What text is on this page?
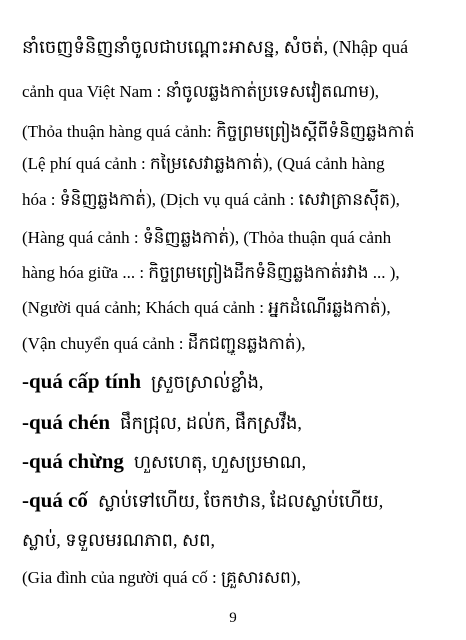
នាំចេញទំនិញនាំចូលជាបណ្តោះអាសន្ន, សំចត់, (Nhập quá
cảnh qua Việt Nam : នាំចូលឆ្លងកាត់ប្រទេសវៀតណាម),
(Thỏa thuận hàng quá cảnh: កិច្ចព្រមព្រៀងស្តីពីទំនិញឆ្លងកាត់
(Lệ phí quá cảnh : កម្រៃសេវាឆ្លងកាត់), (Quá cảnh hàng
hóa : ទំនិញឆ្លងកាត់), (Dịch vụ quá cảnh : សេវាត្រានស៊ីត),
(Hàng quá cảnh : ទំនិញឆ្លងកាត់), (Thỏa thuận quá cảnh
hàng hóa giữa ... : កិច្ចព្រមព្រៀងដឹកទំនិញឆ្លងកាត់រវាង ... ),
(Người quá cảnh; Khách quá cảnh : អ្នកដំណើរឆ្លងកាត់),
(Vận chuyển quá cảnh : ដឹកជញ្ជូនឆ្លងកាត់),
-quá cấp tính ស្រួចស្រាល់ខ្លាំង,
-quá chén ផឹកជ្រុល, ដល់ក, ផឹកស្រវឹង,
-quá chừng ហួសហេតុ, ហួសប្រមាណ,
-quá cố ស្លាប់ទៅហើយ, ចែកឋាន, ដែលស្លាប់ហើយ,
ស្លាប់, ទទួលមរណភាព, សព,
(Gia đình của người quá cố : គ្រួសារសព),
9
